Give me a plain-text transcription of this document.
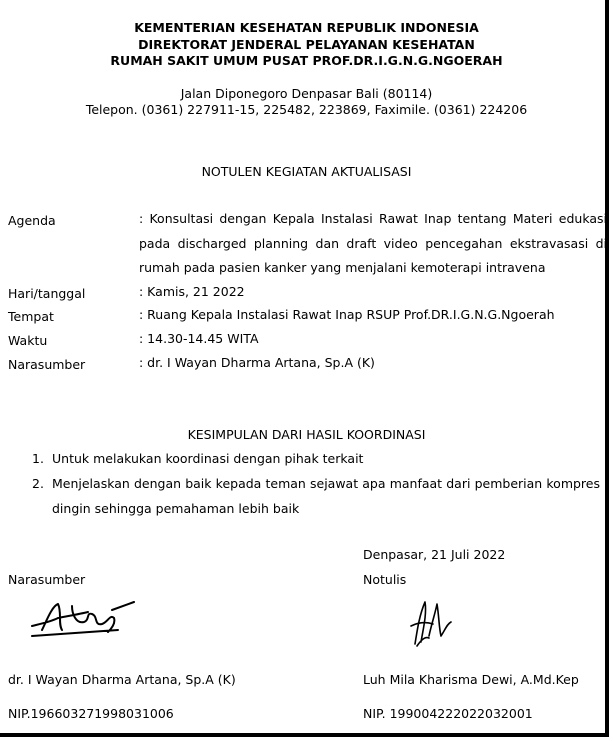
KEMENTERIAN KESEHATAN REPUBLIK INDONESIA
DIREKTORAT JENDERAL PELAYANAN KESEHATAN
RUMAH SAKIT UMUM PUSAT PROF.DR.I.G.N.G.NGOERAH
Jalan Diponegoro Denpasar Bali (80114)
Telepon. (0361) 227911-15, 225482, 223869, Faximile. (0361) 224206
NOTULEN KEGIATAN AKTUALISASI
Agenda	: Konsultasi dengan Kepala Instalasi Rawat Inap tentang Materi edukasi pada discharged planning dan draft video pencegahan ekstravasasi di rumah pada pasien kanker yang menjalani kemoterapi intravena
Hari/tanggal	: Kamis, 21 2022
Tempat	: Ruang Kepala Instalasi Rawat Inap RSUP Prof.DR.I.G.N.G.Ngoerah
Waktu	: 14.30-14.45 WITA
Narasumber	: dr. I Wayan Dharma Artana, Sp.A (K)
KESIMPULAN DARI HASIL KOORDINASI
1. Untuk melakukan koordinasi dengan pihak terkait
2. Menjelaskan dengan baik kepada teman sejawat apa manfaat dari pemberian kompres dingin sehingga pemahaman lebih baik
Denpasar, 21 Juli 2022
Narasumber	Notulis
dr. I Wayan Dharma Artana, Sp.A (K)	Luh Mila Kharisma Dewi, A.Md.Kep
NIP.196603271998031006	NIP. 199004222022032001
